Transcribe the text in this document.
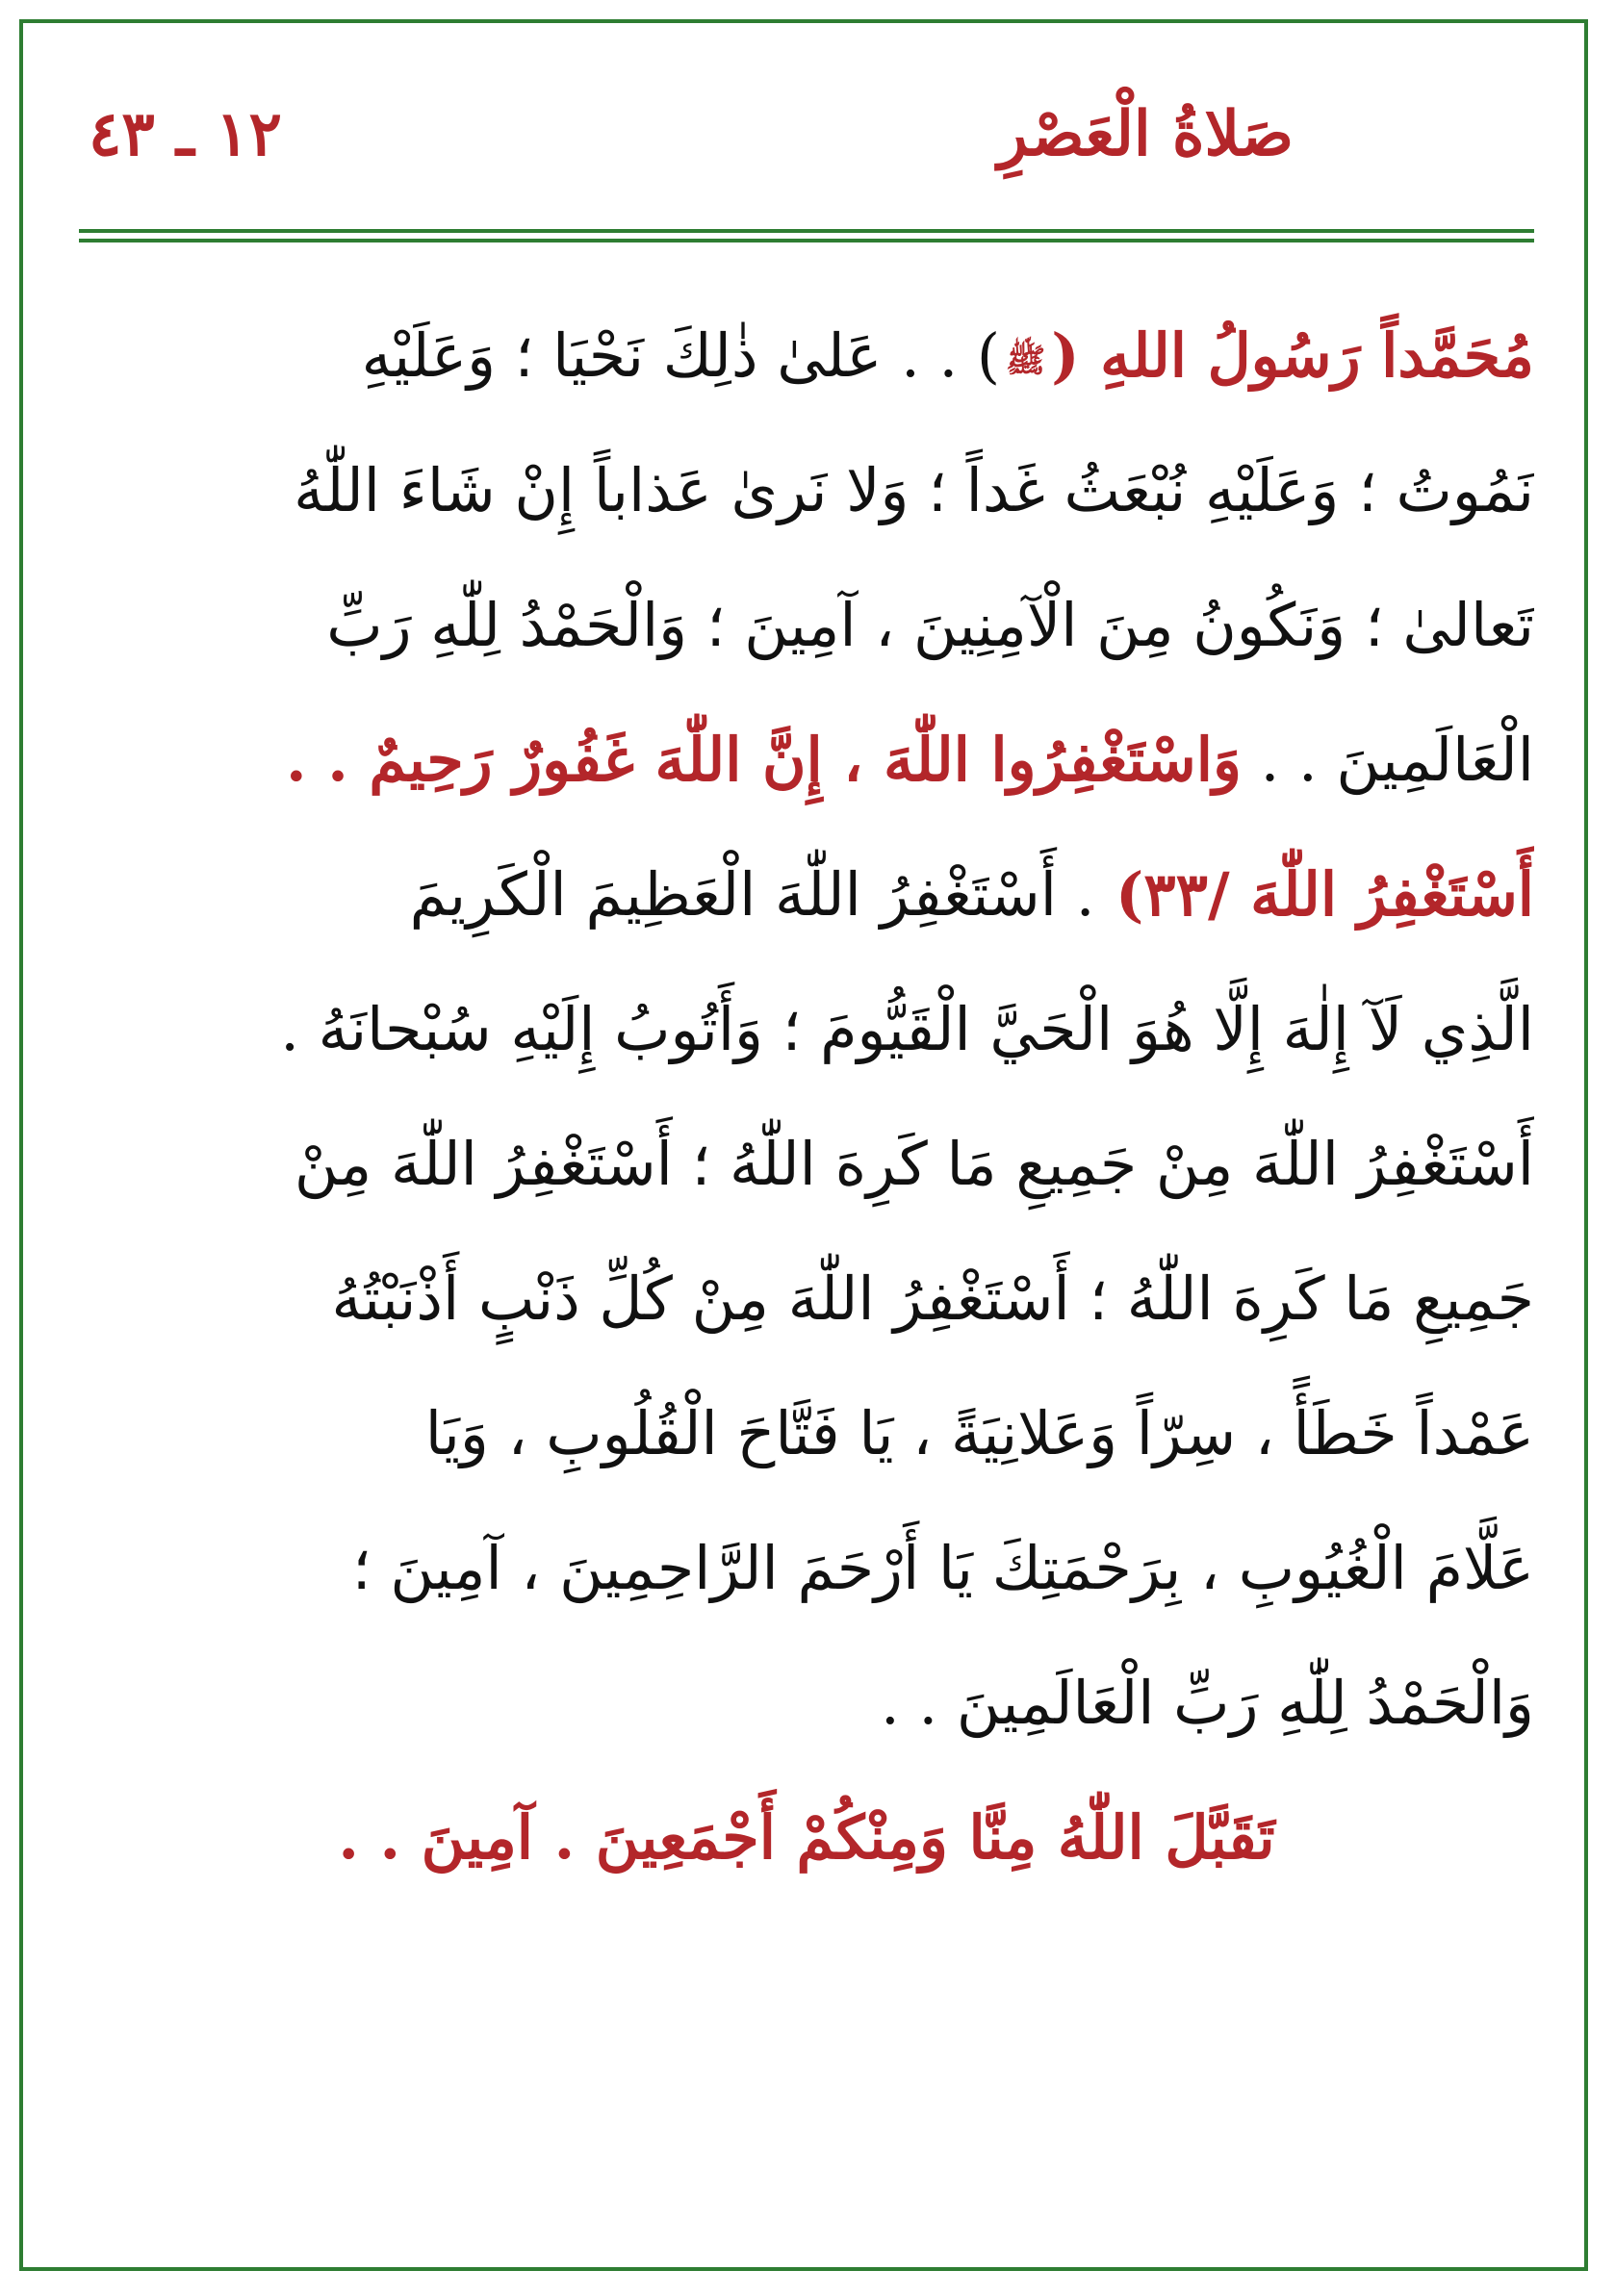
صَلاةُ الْعَصْرِ
١٢ ـ ٤٣
مُحَمَّداً رَسُولُ اللهِ (ﷺ) . . عَلىٰ ذٰلِكَ نَحْيَا ؛ وَعَلَيْهِ
نَمُوتُ ؛ وَعَلَيْهِ نُبْعَثُ غَداً ؛ وَلا نَرىٰ عَذاباً إِنْ شَاءَ اللّٰهُ
تَعالىٰ ؛ وَنَكُونُ مِنَ الْآمِنِينَ ، آمِينَ ؛ وَالْحَمْدُ لِلّٰهِ رَبِّ
الْعَالَمِينَ . . وَاسْتَغْفِرُوا اللّٰهَ ، إِنَّ اللّٰهَ غَفُورٌ رَحِيمٌ . .
أَسْتَغْفِرُ اللّٰهَ /٣٣) . أَسْتَغْفِرُ اللّٰهَ الْعَظِيمَ الْكَرِيمَ
الَّذِي لَآ إِلٰهَ إِلَّا هُوَ الْحَيَّ الْقَيُّومَ ؛ وَأَتُوبُ إِلَيْهِ سُبْحانَهُ .
أَسْتَغْفِرُ اللّٰهَ مِنْ جَمِيعِ مَا كَرِهَ اللّٰهُ ؛ أَسْتَغْفِرُ اللّٰهَ مِنْ
جَمِيعِ مَا كَرِهَ اللّٰهُ ؛ أَسْتَغْفِرُ اللّٰهَ مِنْ كُلِّ ذَنْبٍ أَذْنَبْتُهُ
عَمْداً خَطَأً ، سِرّاً وَعَلانِيَةً ، يَا فَتَّاحَ الْقُلُوبِ ، وَيَا
عَلَّامَ الْغُيُوبِ ، بِرَحْمَتِكَ يَا أَرْحَمَ الرَّاحِمِينَ ، آمِينَ ؛
وَالْحَمْدُ لِلّٰهِ رَبِّ الْعَالَمِينَ . .
تَقَبَّلَ اللّٰهُ مِنَّا وَمِنْكُمْ أَجْمَعِينَ . آمِينَ . .
